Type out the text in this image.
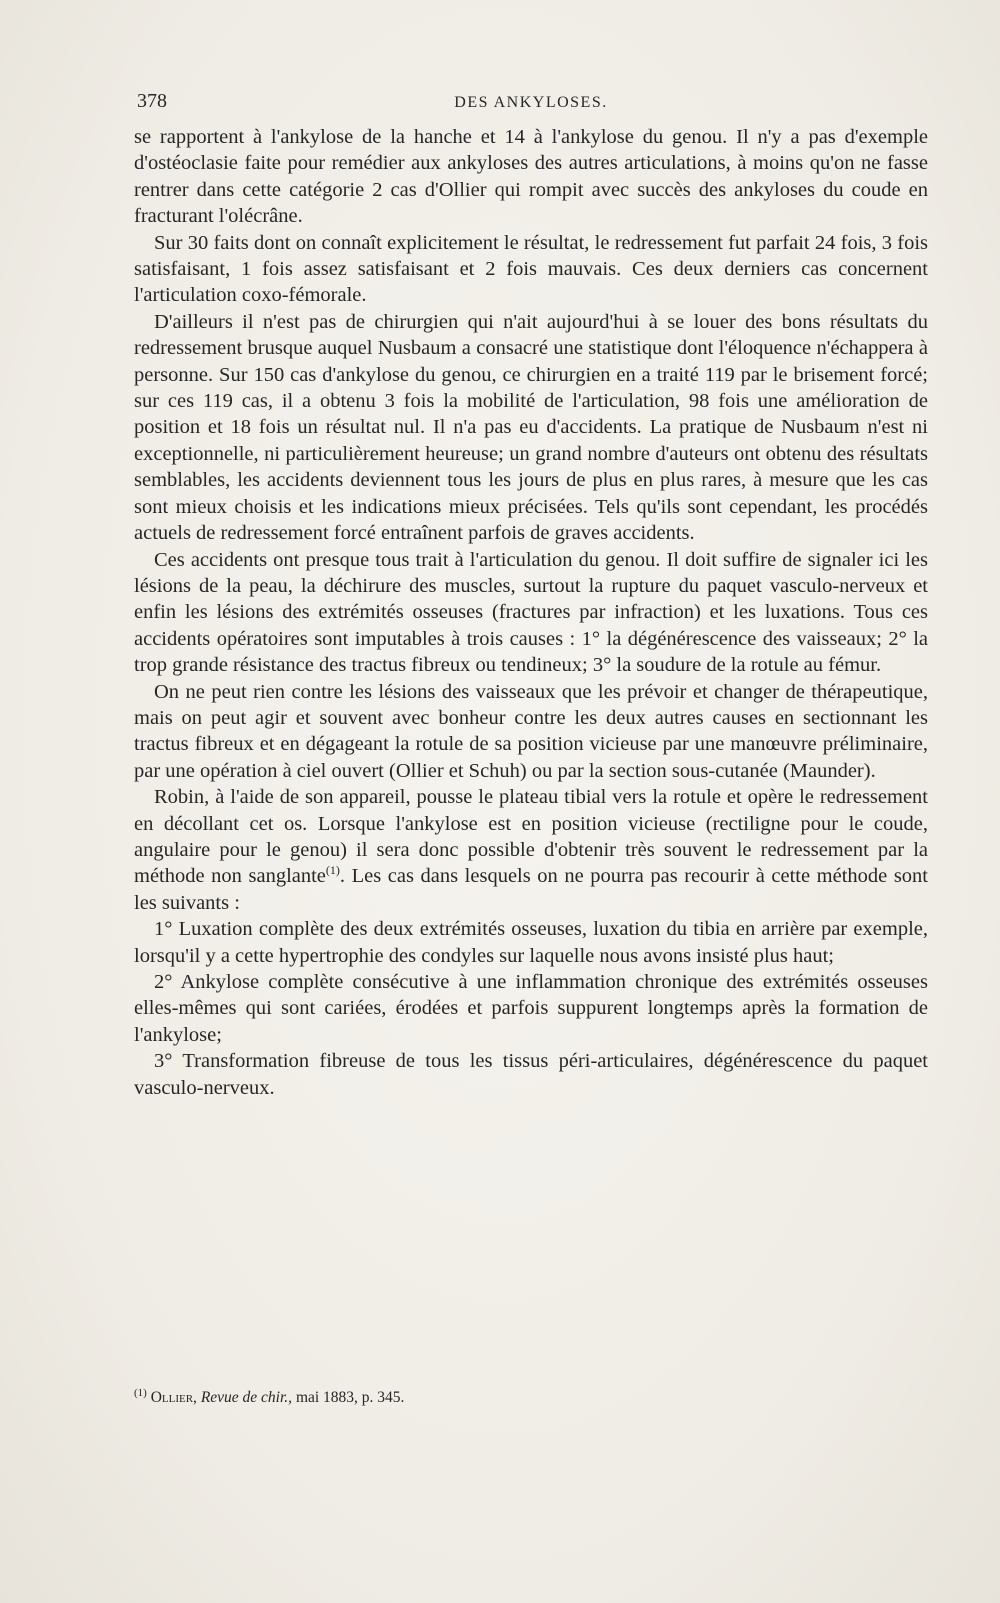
378	DES ANKYLOSES.

se rapportent à l'ankylose de la hanche et 14 à l'ankylose du genou. Il n'y a pas d'exemple d'ostéoclasie faite pour remédier aux ankyloses des autres articulations, à moins qu'on ne fasse rentrer dans cette catégorie 2 cas d'Ollier qui rompit avec succès des ankyloses du coude en fracturant l'olécrâne.

Sur 30 faits dont on connaît explicitement le résultat, le redressement fut parfait 24 fois, 3 fois satisfaisant, 1 fois assez satisfaisant et 2 fois mauvais. Ces deux derniers cas concernent l'articulation coxo-fémorale.

D'ailleurs il n'est pas de chirurgien qui n'ait aujourd'hui à se louer des bons résultats du redressement brusque auquel Nusbaum a consacré une statistique dont l'éloquence n'échappera à personne. Sur 150 cas d'ankylose du genou, ce chirurgien en a traité 119 par le brisement forcé; sur ces 119 cas, il a obtenu 3 fois la mobilité de l'articulation, 98 fois une amélioration de position et 18 fois un résultat nul. Il n'a pas eu d'accidents. La pratique de Nusbaum n'est ni exceptionnelle, ni particulièrement heureuse; un grand nombre d'auteurs ont obtenu des résultats semblables, les accidents deviennent tous les jours de plus en plus rares, à mesure que les cas sont mieux choisis et les indications mieux précisées. Tels qu'ils sont cependant, les procédés actuels de redressement forcé entraînent parfois de graves accidents.

Ces accidents ont presque tous trait à l'articulation du genou. Il doit suffire de signaler ici les lésions de la peau, la déchirure des muscles, surtout la rupture du paquet vasculo-nerveux et enfin les lésions des extrémités osseuses (fractures par infraction) et les luxations. Tous ces accidents opératoires sont imputables à trois causes : 1° la dégénérescence des vaisseaux; 2° la trop grande résistance des tractus fibreux ou tendineux; 3° la soudure de la rotule au fémur.

On ne peut rien contre les lésions des vaisseaux que les prévoir et changer de thérapeutique, mais on peut agir et souvent avec bonheur contre les deux autres causes en sectionnant les tractus fibreux et en dégageant la rotule de sa position vicieuse par une manœuvre préliminaire, par une opération à ciel ouvert (Ollier et Schuh) ou par la section sous-cutanée (Maunder).

Robin, à l'aide de son appareil, pousse le plateau tibial vers la rotule et opère le redressement en décollant cet os. Lorsque l'ankylose est en position vicieuse (rectiligne pour le coude, angulaire pour le genou) il sera donc possible d'obtenir très souvent le redressement par la méthode non sanglante$^{(1)}$. Les cas dans lesquels on ne pourra pas recourir à cette méthode sont les suivants :

1° Luxation complète des deux extrémités osseuses, luxation du tibia en arrière par exemple, lorsqu'il y a cette hypertrophie des condyles sur laquelle nous avons insisté plus haut;

2° Ankylose complète consécutive à une inflammation chronique des extrémités osseuses elles-mêmes qui sont cariées, érodées et parfois suppurent longtemps après la formation de l'ankylose;

3° Transformation fibreuse de tous les tissus péri-articulaires, dégénérescence du paquet vasculo-nerveux.

$^{(1)}$ Ollier, Revue de chir., mai 1883, p. 345.
